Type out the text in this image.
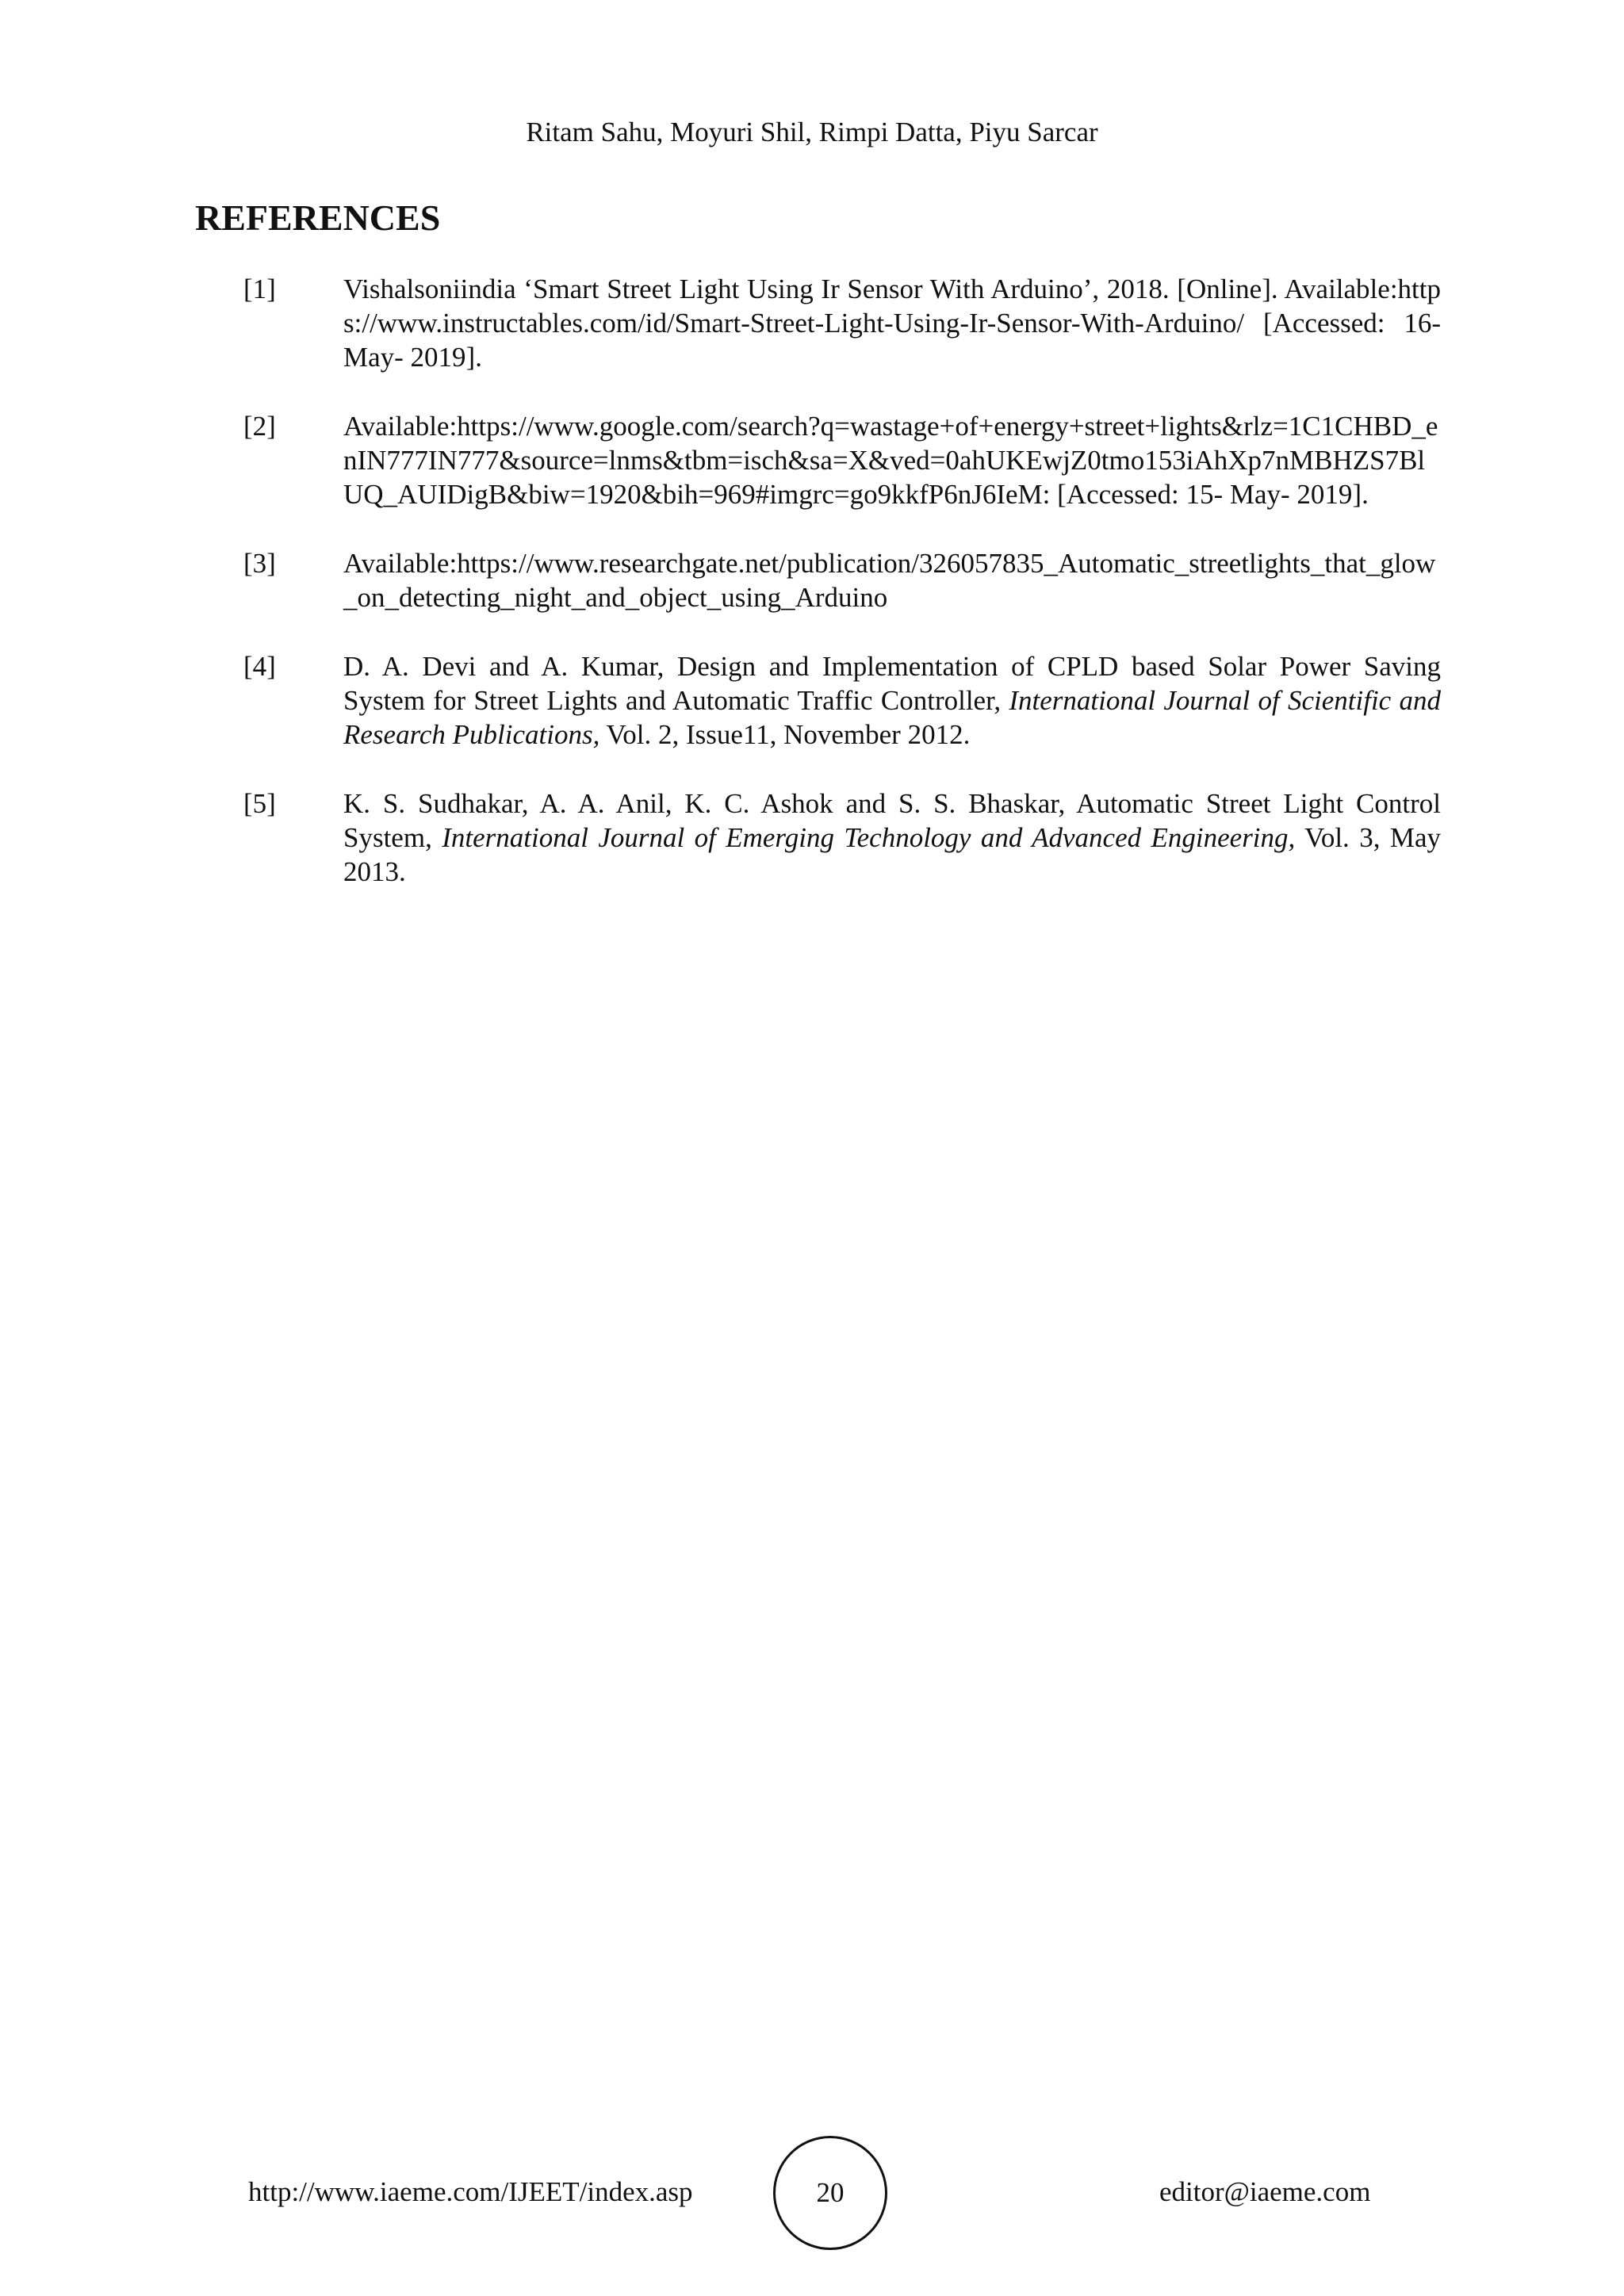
Ritam Sahu, Moyuri Shil, Rimpi Datta, Piyu Sarcar
REFERENCES
[1]	Vishalsoniindia ‘Smart Street Light Using Ir Sensor With Arduino’, 2018. [Online]. Available:https://www.instructables.com/id/Smart-Street-Light-Using-Ir-Sensor-With-Arduino/ [Accessed: 16- May- 2019].
[2]	Available:https://www.google.com/search?q=wastage+of+energy+street+lights&rlz=1C1CHBD_enIN777IN777&source=lnms&tbm=isch&sa=X&ved=0ahUKEwjZ0tmo153iAhXp7nMBHZS7BlUQ_AUIDigB&biw=1920&bih=969#imgrc=go9kkfP6nJ6IeM: [Accessed: 15- May- 2019].
[3]	Available:https://www.researchgate.net/publication/326057835_Automatic_streetlights_that_glow_on_detecting_night_and_object_using_Arduino
[4]	D. A. Devi and A. Kumar, Design and Implementation of CPLD based Solar Power Saving System for Street Lights and Automatic Traffic Controller, International Journal of Scientific and Research Publications, Vol. 2, Issue11, November 2012.
[5]	K. S. Sudhakar, A. A. Anil, K. C. Ashok and S. S. Bhaskar, Automatic Street Light Control System, International Journal of Emerging Technology and Advanced Engineering, Vol. 3, May 2013.
http://www.iaeme.com/IJEET/index.asp	20	editor@iaeme.com
